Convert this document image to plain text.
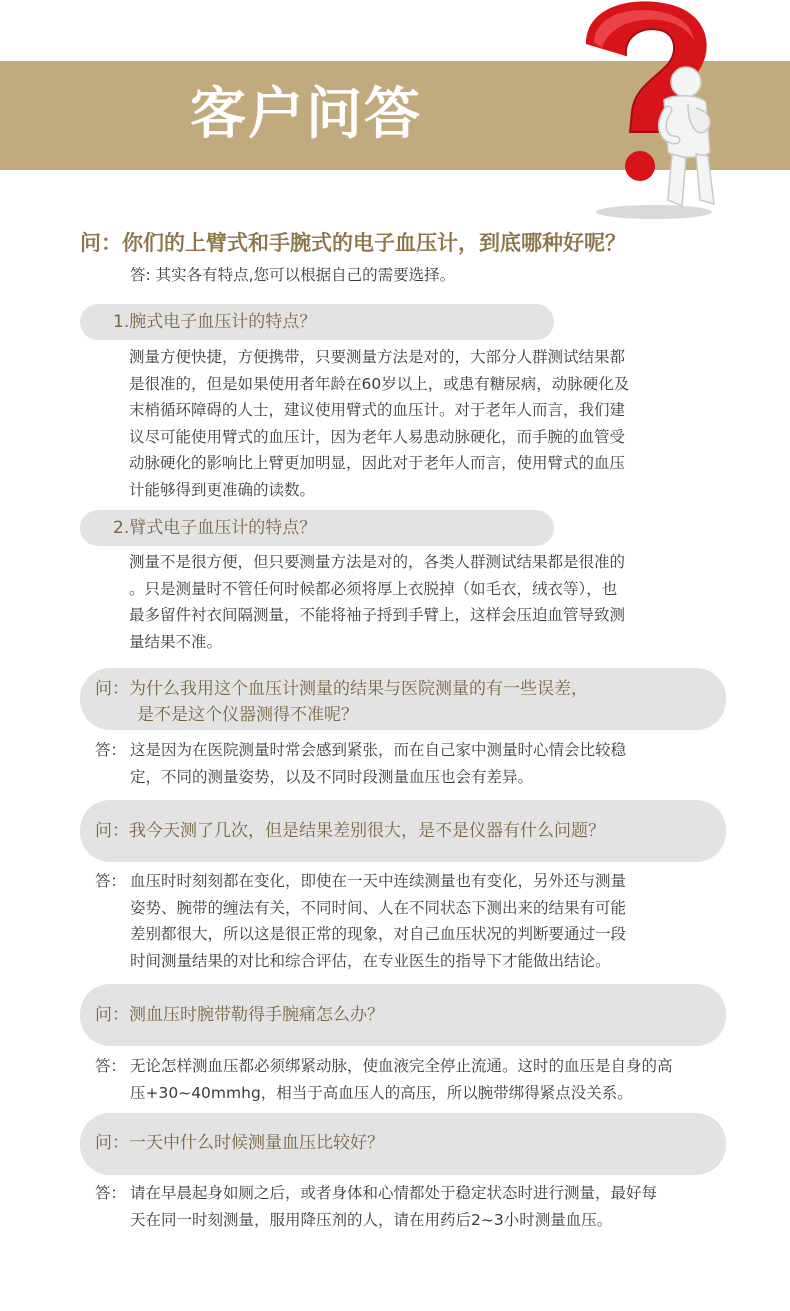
客户问答
问：你们的上臂式和手腕式的电子血压计，到底哪种好呢？
答: 其实各有特点,您可以根据自己的需要选择。
1.腕式电子血压计的特点？

测量方便快捷，方便携带，只要测量方法是对的，大部分人群测试结果都

是很准的，但是如果使用者年龄在60岁以上，或患有糖尿病，动脉硬化及

末梢循环障碍的人士，建议使用臂式的血压计。对于老年人而言，我们建

议尽可能使用臂式的血压计，因为老年人易患动脉硬化，而手腕的血管受

动脉硬化的影响比上臂更加明显，因此对于老年人而言，使用臂式的血压

计能够得到更准确的读数。

2.臂式电子血压计的特点？

测量不是很方便，但只要测量方法是对的，各类人群测试结果都是很准的

。只是测量时不管任何时候都必须将厚上衣脱掉（如毛衣，绒衣等），也

最多留件衬衣间隔测量，不能将袖子捋到手臂上，这样会压迫血管导致测

量结果不准。

问：为什么我用这个血压计测量的结果与医院测量的有一些误差，
是不是这个仪器测得不准呢？
答： 这是因为在医院测量时常会感到紧张，而在自己家中测量时心情会比较稳

定，不同的测量姿势，以及不同时段测量血压也会有差异。

问：我今天测了几次，但是结果差别很大，是不是仪器有什么问题？
答： 血压时时刻刻都在变化，即使在一天中连续测量也有变化，另外还与测量

姿势、腕带的缠法有关，不同时间、人在不同状态下测出来的结果有可能

差别都很大，所以这是很正常的现象，对自己血压状况的判断要通过一段

时间测量结果的对比和综合评估，在专业医生的指导下才能做出结论。

问：测血压时腕带勒得手腕痛怎么办？
答： 无论怎样测血压都必须绑紧动脉，使血液完全停止流通。这时的血压是自身的高

压+30~40mmhg，相当于高血压人的高压，所以腕带绑得紧点没关系。

问：一天中什么时候测量血压比较好？
答： 请在早晨起身如厕之后，或者身体和心情都处于稳定状态时进行测量，最好每

天在同一时刻测量，服用降压剂的人，请在用药后2~3小时测量血压。
